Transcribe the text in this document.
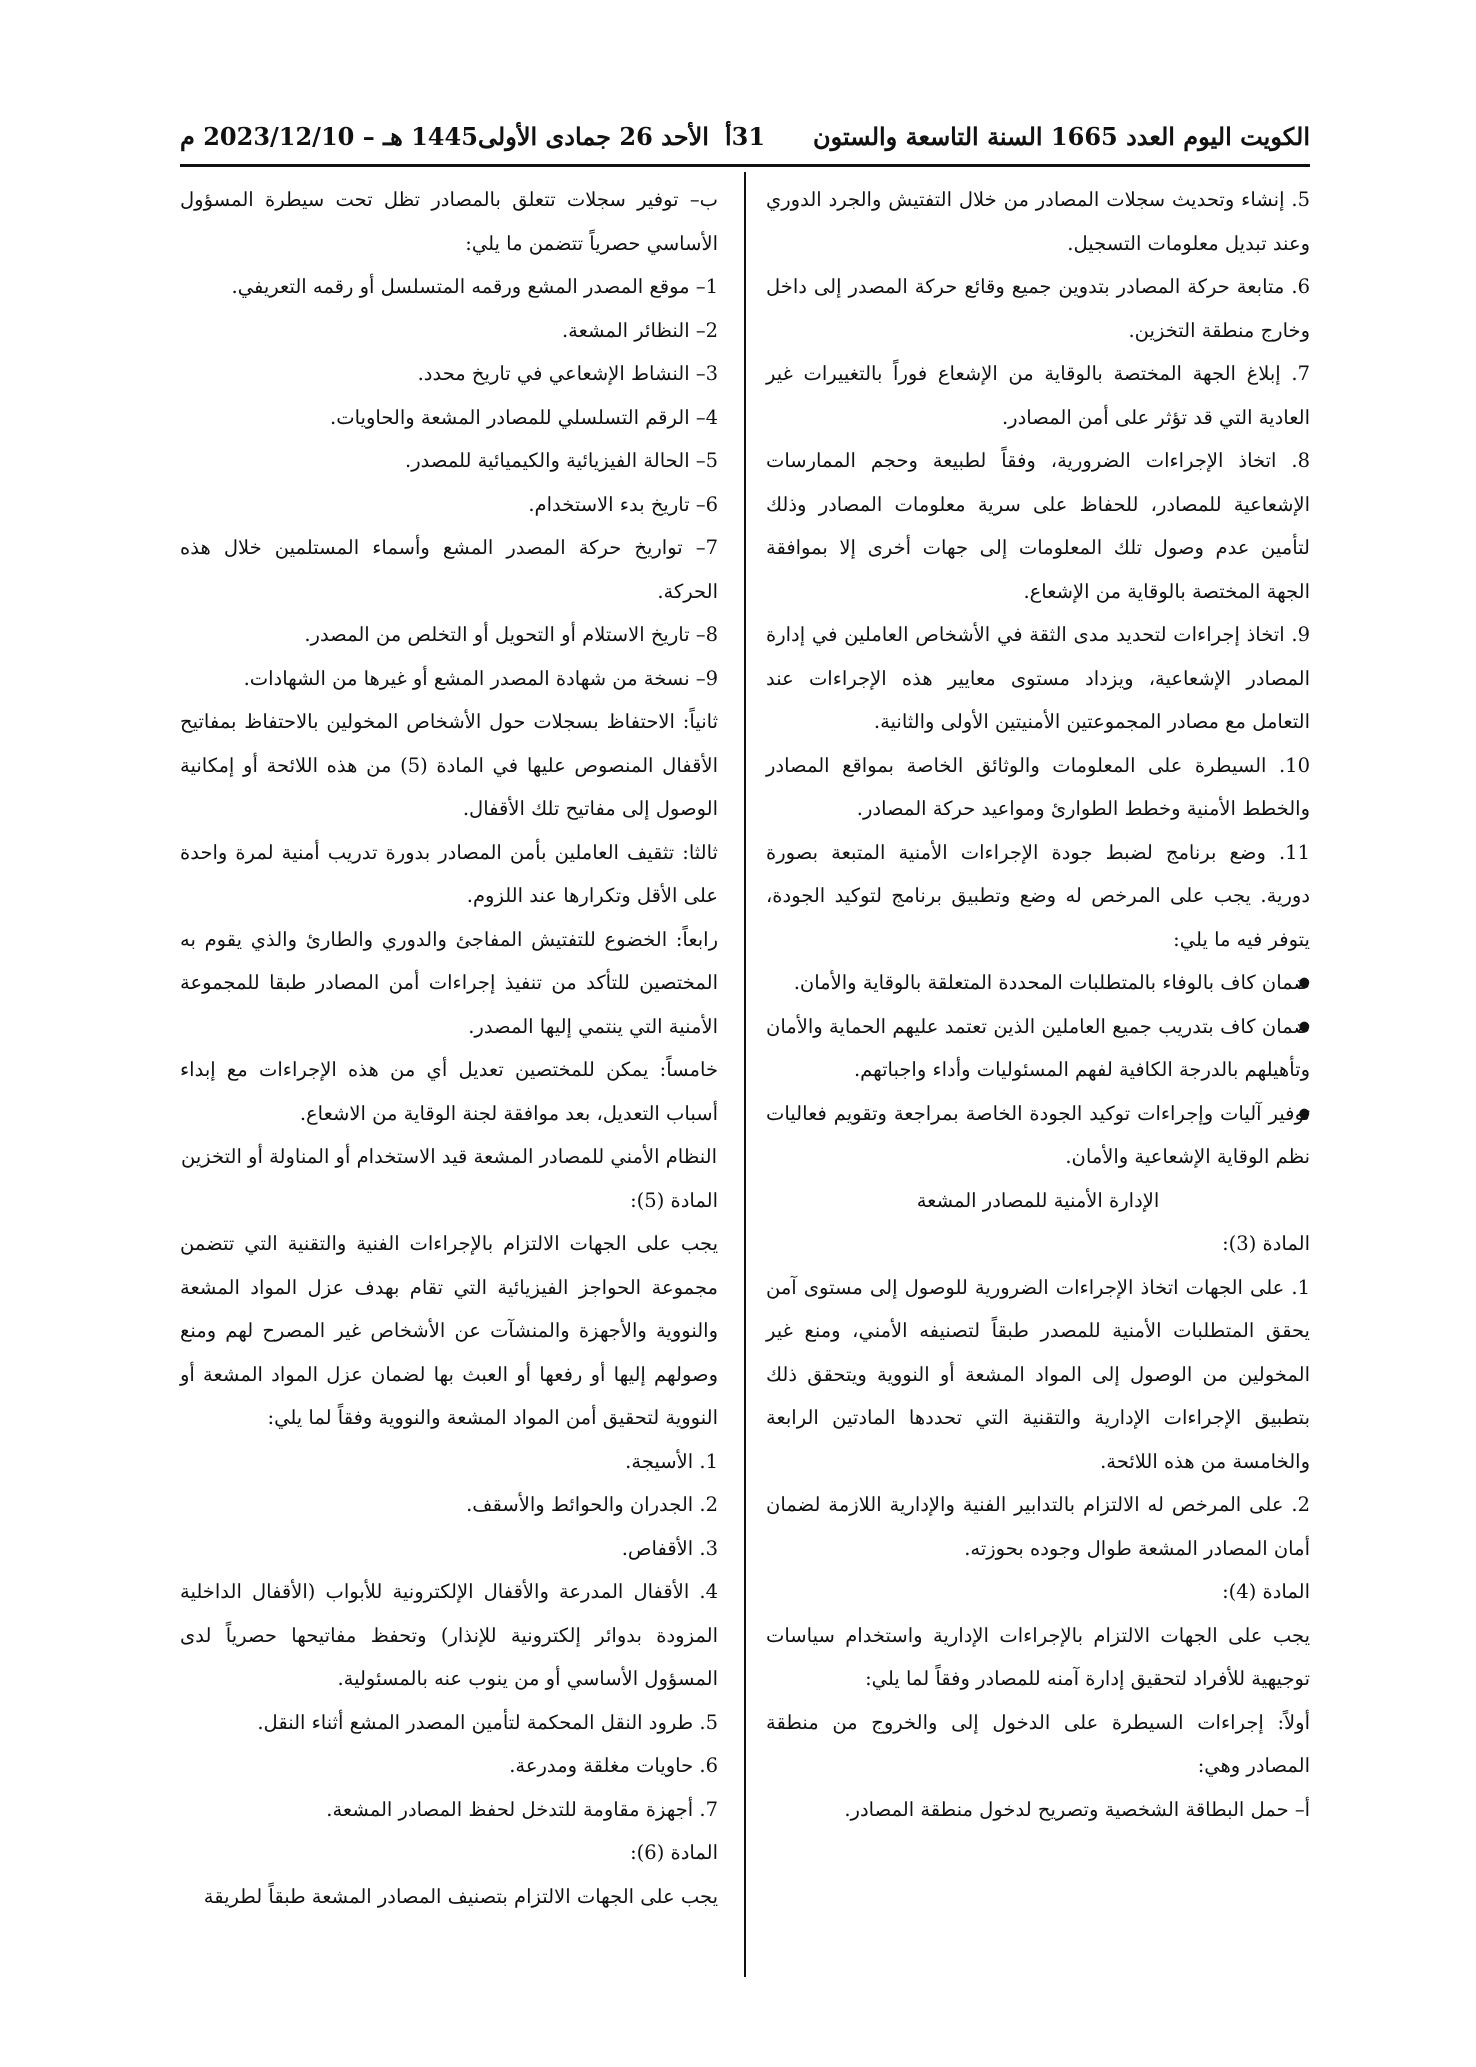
الكويت اليوم العدد 1665 السنة التاسعة والستون
31أ
الأحد 26 جمادى الأولى1445 هـ – 2023/12/10 م

5. إنشاء وتحديث سجلات المصادر من خلال التفتيش والجرد الدوري وعند تبديل معلومات التسجيل.

6. متابعة حركة المصادر بتدوين جميع وقائع حركة المصدر إلى داخل وخارج منطقة التخزين.

7. إبلاغ الجهة المختصة بالوقاية من الإشعاع فوراً بالتغييرات غير العادية التي قد تؤثر على أمن المصادر.

8. اتخاذ الإجراءات الضرورية، وفقاً لطبيعة وحجم الممارسات الإشعاعية للمصادر، للحفاظ على سرية معلومات المصادر وذلك لتأمين عدم وصول تلك المعلومات إلى جهات أخرى إلا بموافقة الجهة المختصة بالوقاية من الإشعاع.

9. اتخاذ إجراءات لتحديد مدى الثقة في الأشخاص العاملين في إدارة المصادر الإشعاعية، ويزداد مستوى معايير هذه الإجراءات عند التعامل مع مصادر المجموعتين الأمنيتين الأولى والثانية.

10. السيطرة على المعلومات والوثائق الخاصة بمواقع المصادر والخطط الأمنية وخطط الطوارئ ومواعيد حركة المصادر.

11. وضع برنامج لضبط جودة الإجراءات الأمنية المتبعة بصورة دورية. يجب على المرخص له وضع وتطبيق برنامج لتوكيد الجودة، يتوفر فيه ما يلي:

● ضمان كاف بالوفاء بالمتطلبات المحددة المتعلقة بالوقاية والأمان.

● ضمان كاف بتدريب جميع العاملين الذين تعتمد عليهم الحماية والأمان وتأهيلهم بالدرجة الكافية لفهم المسئوليات وأداء واجباتهم.

● توفير آليات وإجراءات توكيد الجودة الخاصة بمراجعة وتقويم فعاليات نظم الوقاية الإشعاعية والأمان.

الإدارة الأمنية للمصادر المشعة

المادة (3):

1. على الجهات اتخاذ الإجراءات الضرورية للوصول إلى مستوى آمن يحقق المتطلبات الأمنية للمصدر طبقاً لتصنيفه الأمني، ومنع غير المخولين من الوصول إلى المواد المشعة أو النووية ويتحقق ذلك بتطبيق الإجراءات الإدارية والتقنية التي تحددها المادتين الرابعة والخامسة من هذه اللائحة.

2. على المرخص له الالتزام بالتدابير الفنية والإدارية اللازمة لضمان أمان المصادر المشعة طوال وجوده بحوزته.

المادة (4):

يجب على الجهات الالتزام بالإجراءات الإدارية واستخدام سياسات توجيهية للأفراد لتحقيق إدارة آمنه للمصادر وفقاً لما يلي:

أولاً: إجراءات السيطرة على الدخول إلى والخروج من منطقة المصادر وهي:

أ– حمل البطاقة الشخصية وتصريح لدخول منطقة المصادر.

ب– توفير سجلات تتعلق بالمصادر تظل تحت سيطرة المسؤول الأساسي حصرياً تتضمن ما يلي:

1– موقع المصدر المشع ورقمه المتسلسل أو رقمه التعريفي.

2– النظائر المشعة.

3– النشاط الإشعاعي في تاريخ محدد.

4– الرقم التسلسلي للمصادر المشعة والحاويات.

5– الحالة الفيزيائية والكيميائية للمصدر.

6– تاريخ بدء الاستخدام.

7– تواريخ حركة المصدر المشع وأسماء المستلمين خلال هذه الحركة.

8– تاريخ الاستلام أو التحويل أو التخلص من المصدر.

9– نسخة من شهادة المصدر المشع أو غيرها من الشهادات.

ثانياً: الاحتفاظ بسجلات حول الأشخاص المخولين بالاحتفاظ بمفاتيح الأقفال المنصوص عليها في المادة (5) من هذه اللائحة أو إمكانية الوصول إلى مفاتيح تلك الأقفال.

ثالثا: تثقيف العاملين بأمن المصادر بدورة تدريب أمنية لمرة واحدة على الأقل وتكرارها عند اللزوم.

رابعاً: الخضوع للتفتيش المفاجئ والدوري والطارئ والذي يقوم به المختصين للتأكد من تنفيذ إجراءات أمن المصادر طبقا للمجموعة الأمنية التي ينتمي إليها المصدر.

خامساً: يمكن للمختصين تعديل أي من هذه الإجراءات مع إبداء أسباب التعديل، بعد موافقة لجنة الوقاية من الاشعاع.

النظام الأمني للمصادر المشعة قيد الاستخدام أو المناولة أو التخزين

المادة (5):

يجب على الجهات الالتزام بالإجراءات الفنية والتقنية التي تتضمن مجموعة الحواجز الفيزيائية التي تقام بهدف عزل المواد المشعة والنووية والأجهزة والمنشآت عن الأشخاص غير المصرح لهم ومنع وصولهم إليها أو رفعها أو العبث بها لضمان عزل المواد المشعة أو النووية لتحقيق أمن المواد المشعة والنووية وفقاً لما يلي:

1. الأسيجة.

2. الجدران والحوائط والأسقف.

3. الأقفاص.

4. الأقفال المدرعة والأقفال الإلكترونية للأبواب (الأقفال الداخلية المزودة بدوائر إلكترونية للإنذار) وتحفظ مفاتيحها حصرياً لدى المسؤول الأساسي أو من ينوب عنه بالمسئولية.

5. طرود النقل المحكمة لتأمين المصدر المشع أثناء النقل.

6. حاويات مغلقة ومدرعة.

7. أجهزة مقاومة للتدخل لحفظ المصادر المشعة.

المادة (6):

يجب على الجهات الالتزام بتصنيف المصادر المشعة طبقاً لطريقة
